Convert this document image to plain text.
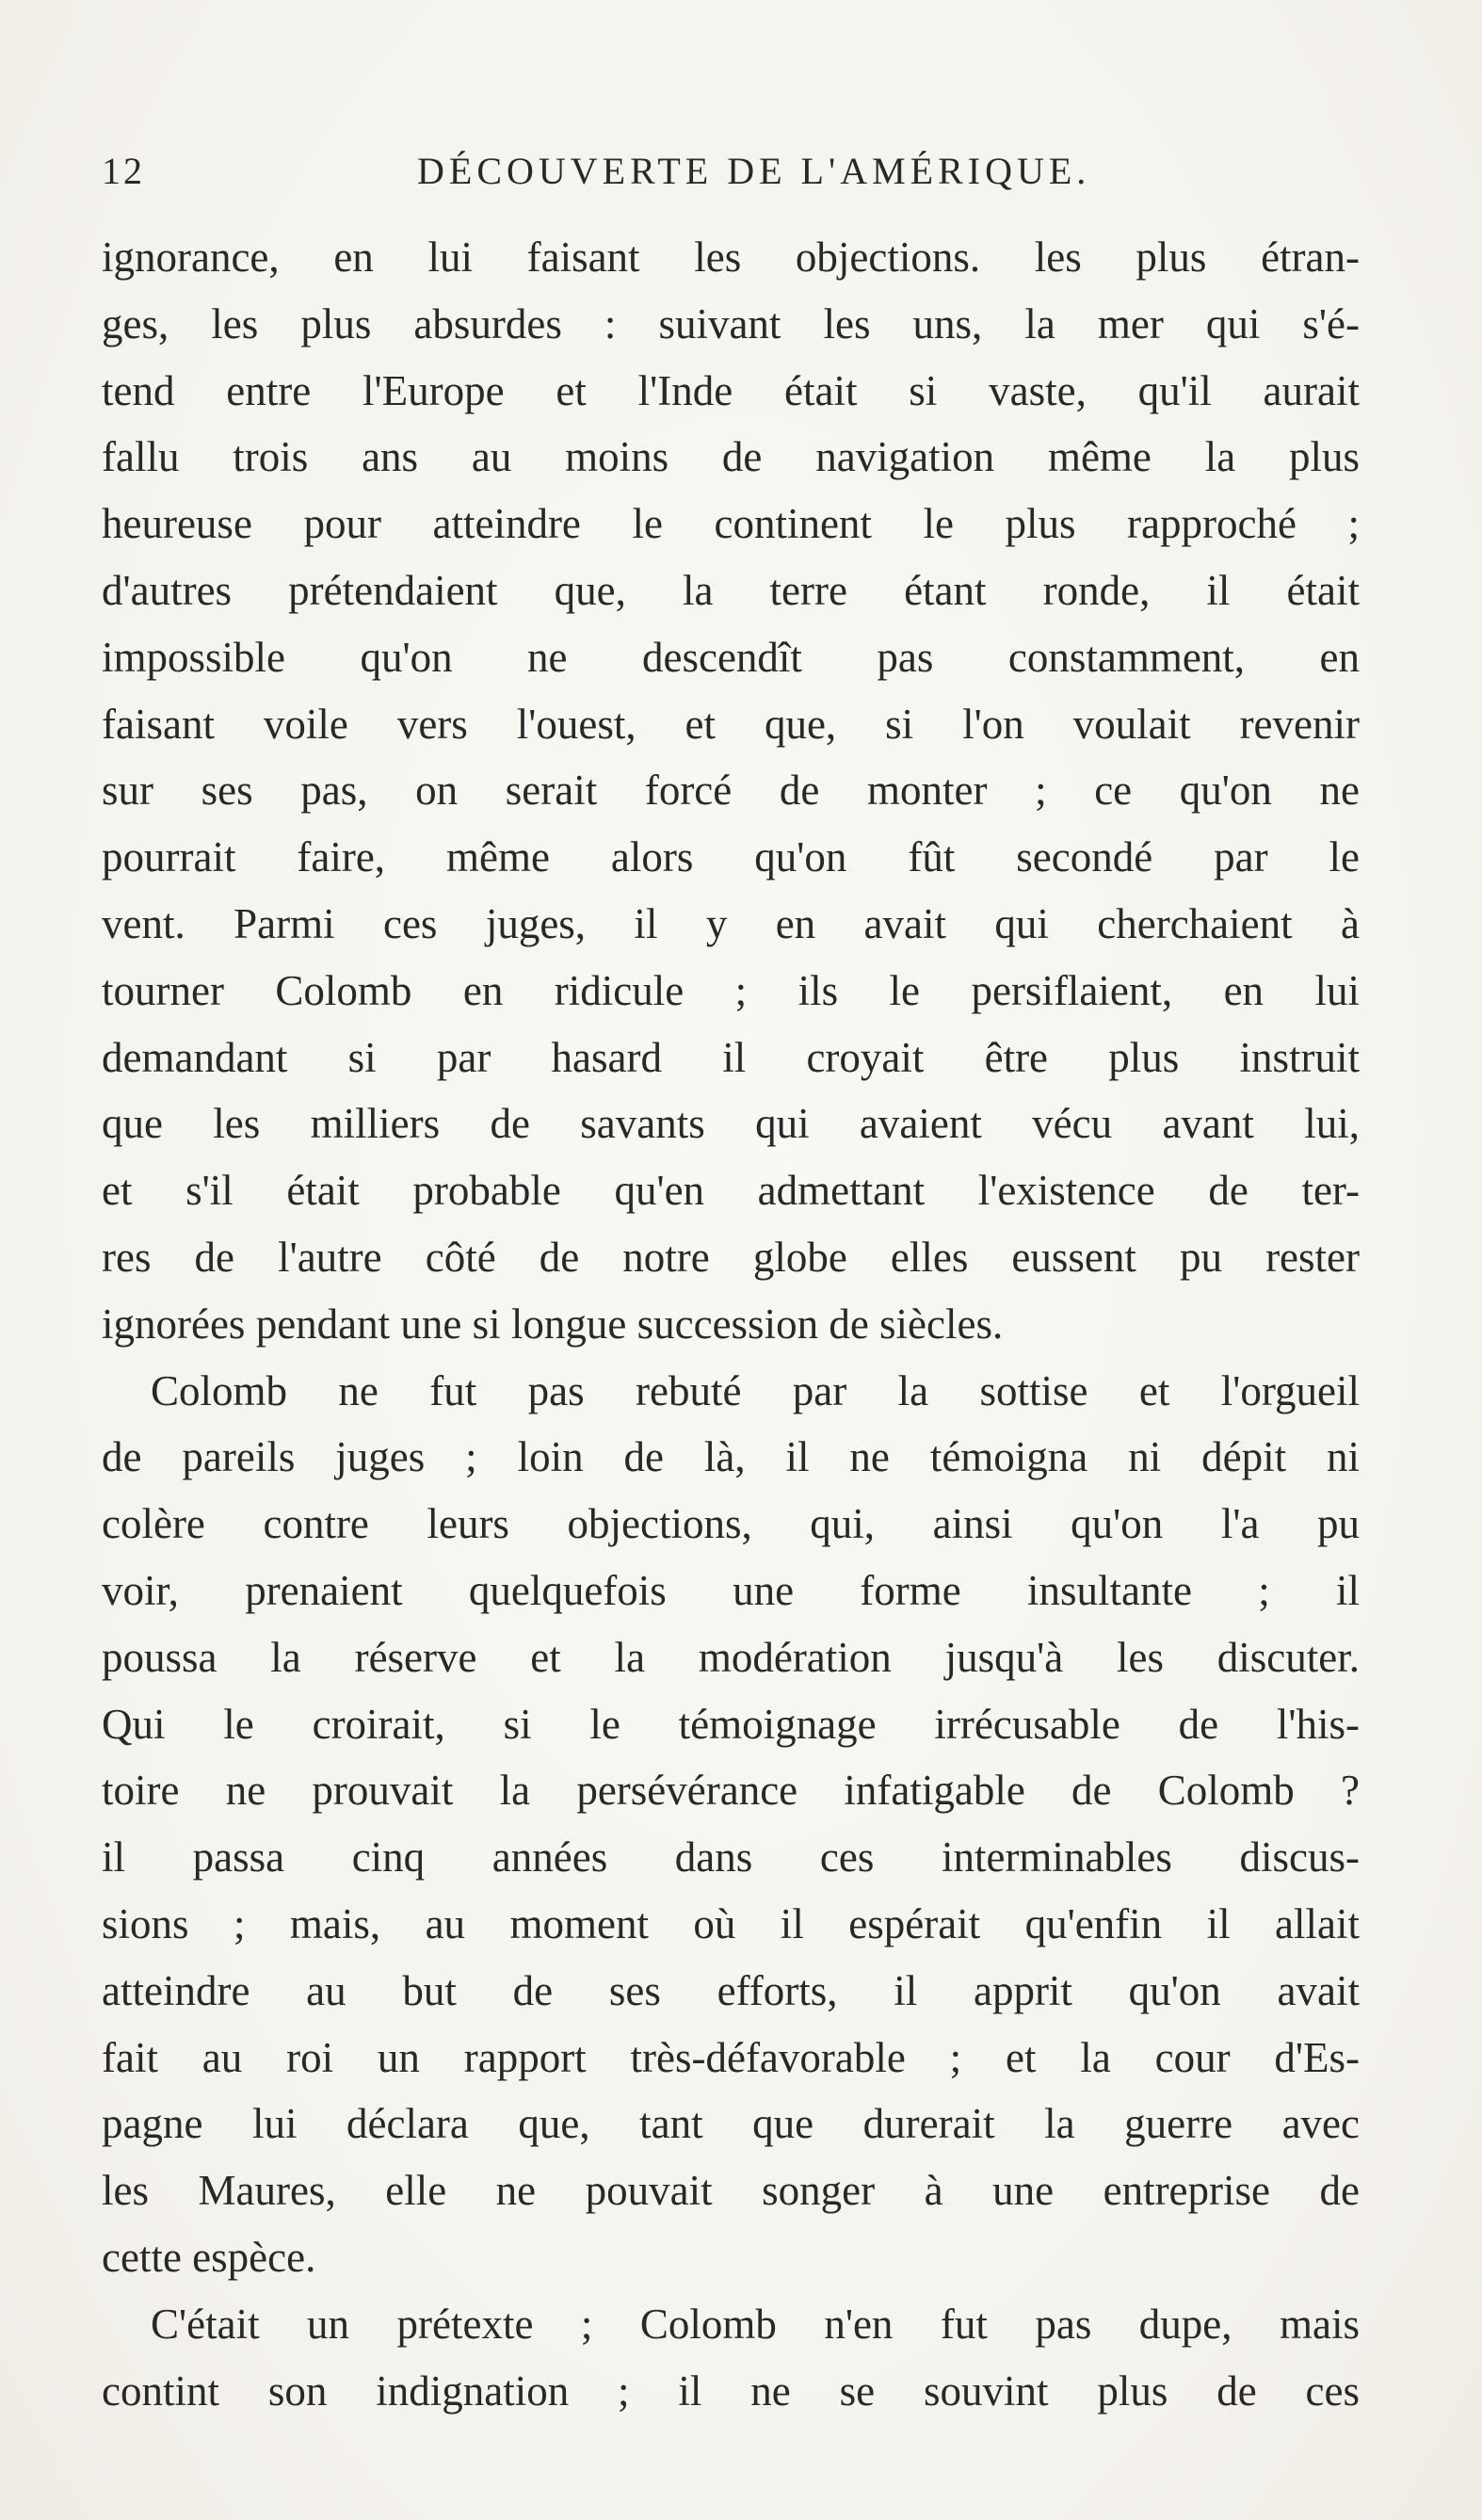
12	DÉCOUVERTE DE L'AMÉRIQUE.
ignorance, en lui faisant les objections. les plus étran-
ges, les plus absurdes : suivant les uns, la mer qui s'é-
tend entre l'Europe et l'Inde était si vaste, qu'il aurait
fallu trois ans au moins de navigation même la plus
heureuse pour atteindre le continent le plus rapproché ;
d'autres prétendaient que, la terre étant ronde, il était
impossible qu'on ne descendît pas constamment, en
faisant voile vers l'ouest, et que, si l'on voulait revenir
sur ses pas, on serait forcé de monter ; ce qu'on ne
pourrait faire, même alors qu'on fût secondé par le
vent. Parmi ces juges, il y en avait qui cherchaient à
tourner Colomb en ridicule ; ils le persiflaient, en lui
demandant si par hasard il croyait être plus instruit
que les milliers de savants qui avaient vécu avant lui,
et s'il était probable qu'en admettant l'existence de ter-
res de l'autre côté de notre globe elles eussent pu rester
ignorées pendant une si longue succession de siècles.
Colomb ne fut pas rebuté par la sottise et l'orgueil
de pareils juges ; loin de là, il ne témoigna ni dépit ni
colère contre leurs objections, qui, ainsi qu'on l'a pu
voir, prenaient quelquefois une forme insultante ; il
poussa la réserve et la modération jusqu'à les discuter.
Qui le croirait, si le témoignage irrécusable de l'his-
toire ne prouvait la persévérance infatigable de Colomb ?
il passa cinq années dans ces interminables discus-
sions ; mais, au moment où il espérait qu'enfin il allait
atteindre au but de ses efforts, il apprit qu'on avait
fait au roi un rapport très-défavorable ; et la cour d'Es-
pagne lui déclara que, tant que durerait la guerre avec
les Maures, elle ne pouvait songer à une entreprise de
cette espèce.
C'était un prétexte ; Colomb n'en fut pas dupe, mais
contint son indignation ; il ne se souvint plus de ces
